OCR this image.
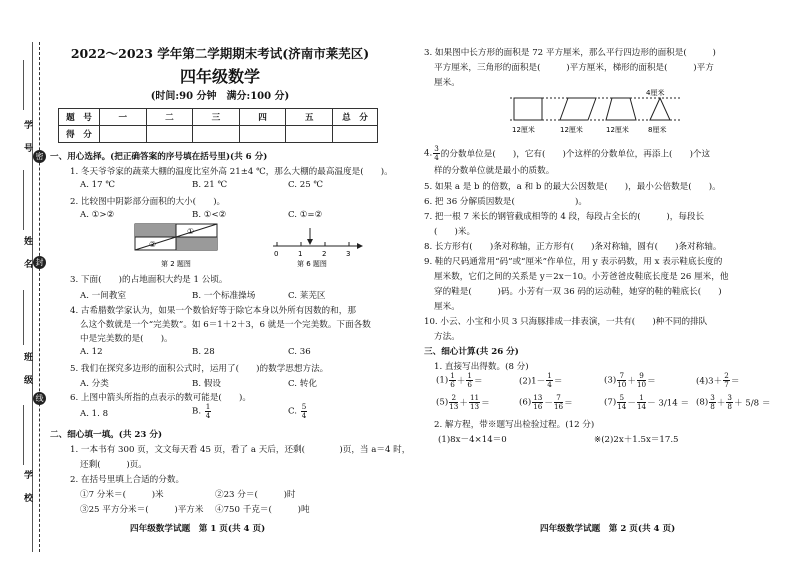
学号
姓名
班级
学校
密
封
线
2022～2023 学年第二学期期末考试(济南市莱芜区)
四年级数学
(时间:90 分钟　满分:100 分)
题　号	一	二	三	四	五	总　分
得　分						
一、用心选择。(把正确答案的序号填在括号里)(共 6 分)
1. 冬天爷爷家的蔬菜大棚的温度比室外高 21±4 ℃，那么大棚的最高温度是(　　)。
A. 17 ℃	B. 21 ℃	C. 25 ℃
2. 比较图中阴影部分面积的大小(　　)。
A. ①>②	B. ①<②	C. ①=②
①
②
第 2 题图
0	1	2	3
第 6 题图
3. 下面(　　)的占地面积大约是 1 公顷。
A. 一间教室	B. 一个标准操场	C. 莱芜区
4. 古希腊数学家认为，如果一个数恰好等于除它本身以外所有因数的和，那
么这个数就是一个“完美数”。如 6＝1＋2＋3，6 就是一个完美数。下面各数
中是完美数的是(　　)。
A. 12	B. 28	C. 36
5. 我们在探究多边形的面积公式时，运用了(　　)的数学思想方法。
A. 分类	B. 假设	C. 转化
6. 上图中箭头所指的点表示的数可能是(　　)。
A. 1. 8	B. $\frac{1}{4}$	C. $\frac{5}{4}$
二、细心填一填。(共 23 分)
1. 一本书有 300 页，文文每天看 45 页，看了 a 天后，还剩(　　　　)页，当 a＝4 时，
还剩(　　　)页。
2. 在括号里填上合适的分数。
①7 分米＝(　　　)米	②23 分＝(　　　)时
③25 平方分米＝(　　　)平方米 ④750 千克＝(　　　)吨
四年级数学试题　第 1 页(共 4 页)
3. 如果图中长方形的面积是 72 平方厘米，那么平行四边形的面积是(　　　)
平方厘米，三角形的面积是(　　　)平方厘米，梯形的面积是(　　　)平方
厘米。
4厘米
12厘米	12厘米	12厘米	8厘米
4. $\frac{3}{4}$ 的分数单位是(　　)，它有(　　)个这样的分数单位，再添上(　　)个这
样的分数单位就是最小的质数。
5. 如果 a 是 b 的倍数，a 和 b 的最大公因数是(　　)，最小公倍数是(　　)。
6. 把 36 分解质因数是(　　　　　　　)。
7. 把一根 7 米长的钢管截成相等的 4 段，每段占全长的(　　　)，每段长
(　　)米。
8. 长方形有(　　)条对称轴，正方形有(　　)条对称轴，圆有(　　)条对称轴。
9. 鞋的尺码通常用“码”或“厘米”作单位，用 y 表示码数，用 x 表示鞋底长度的
厘米数，它们之间的关系是 y＝2x－10。小芳爸爸皮鞋底长度是 26 厘米，他
穿的鞋是(　　　)码。小芳有一双 36 码的运动鞋，她穿的鞋的鞋底长(　　)
厘米。
10. 小云、小宝和小贝 3 只海豚排成一排表演，一共有(　　)种不同的排队
方法。
三、细心计算(共 26 分)
1. 直接写出得数。(8 分)
$(1) \frac{1}{6} + \frac{1}{6}$ ＝	$(2)1- \frac{1}{4}$ ＝	$(3) \frac{7}{10} + \frac{9}{10}$ ＝	$(4)3+ \frac{2}{7}$ ＝
$(5) \frac{2}{13} + \frac{11}{13}$ ＝	$(6) \frac{13}{16} - \frac{7}{16}$ ＝	$(7) \frac{5}{14} - \frac{1}{14} - 3/14 = (8) \frac{3}{8} + \frac{3}{8} + 5/8$ ＝
2. 解方程，带※题写出检验过程。(12 分)
(1)8x－4×14＝0	※(2)2x＋1.5x＝17.5
四年级数学试题　第 2 页(共 4 页)
